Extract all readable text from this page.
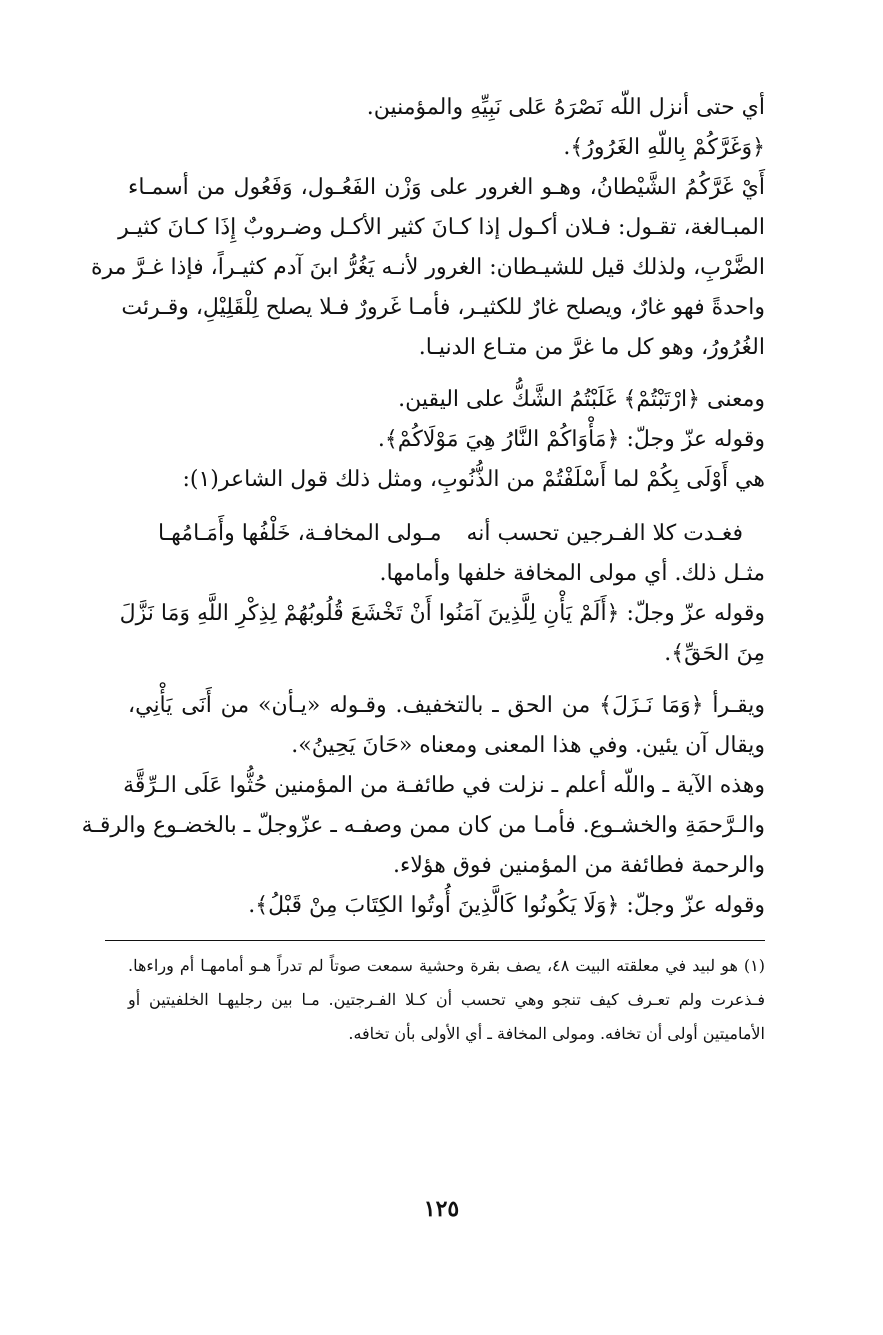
أي حتى أنزل اللّه نَصْرَهُ عَلى نَبِيِّهِ والمؤمنين.

﴿وَغَرَّكُمْ بِاللّهِ الغَرُورُ﴾.

أَيْ غَرَّكُمُ الشَّيْطانُ، وهـو الغرور على وَزْن الفَعُـول، وَفَعُول من أسمـاء

المبـالغة، تقـول: فـلان أكـول إذا كـانَ كثير الأكـل وضـروبٌ إِذَا كـانَ كثيـر

الضَّرْبِ، ولذلك قيل للشيـطان: الغرور لأنـه يَغُرُّ ابنَ آدم كثيـراً، فإذا غـرَّ مرة

واحدةً فهو غارٌ، ويصلح غارٌ للكثيـر، فأمـا غَرورٌ فـلا يصلح لِلْقَلِيْلِ، وقـرئت

الغُرُورُ، وهو كل ما غرَّ من متـاع الدنيـا.

ومعنى ﴿ارْتَبْتُمْ﴾ غَلَبْتُمُ الشَّكُّ على اليقين.

وقوله عزّ وجلّ: ﴿مَأْوَاكُمْ النَّارُ هِيَ مَوْلَاكُمْ﴾.

هي أَوْلَى بِكُمْ لما أَسْلَفْتُمْ من الذُّنُوبِ، ومثل ذلك قول الشاعر(١):

فغـدت كلا الفـرجين تحسب أنه
مـولى المخافـة، خَلْفُها وأَمَـامُهـا

مثـل ذلك. أي مولى المخافة خلفها وأمامها.

وقوله عزّ وجلّ: ﴿أَلَمْ يَأْنِ لِلَّذِينَ آمَنُوا أَنْ تَخْشَعَ قُلُوبُهُمْ لِذِكْرِ اللَّهِ وَمَا نَزَّلَ

مِنَ الحَقِّ﴾.

ويقـرأ ﴿وَمَا نَـزَلَ﴾ من الحق ـ بالتخفيف. وقـوله «يـأن» من أَنَى يَأْنِي،

ويقال آن يئين. وفي هذا المعنى ومعناه «حَانَ يَحِينُ».

وهذه الآية ـ واللّه أعلم ـ نزلت في طائفـة من المؤمنين حُثُّوا عَلَى الـرِّقَّة

والـرَّحمَةِ والخشـوع. فأمـا من كان ممن وصفـه ـ عزّوجلّ ـ بالخضـوع والرقـة

والرحمة فطائفة من المؤمنين فوق هؤلاء.

وقوله عزّ وجلّ: ﴿وَلَا يَكُونُوا كَالَّذِينَ أُوتُوا الكِتَابَ مِنْ قَبْلُ﴾.

(١) هو لبيد في معلقته البيت ٤٨، يصف بقرة وحشية سمعت صوتاً لم تدراً هـو أمامهـا أم وراءها.

فـذعرت ولم تعـرف كيف تنجو وهي تحسب أن كـلا الفـرجتين. مـا بين رجليهـا الخلفيتين أو

الأماميتين أولى أن تخافه. ومولى المخافة ـ أي الأولى بأن تخافه.

١٢٥
